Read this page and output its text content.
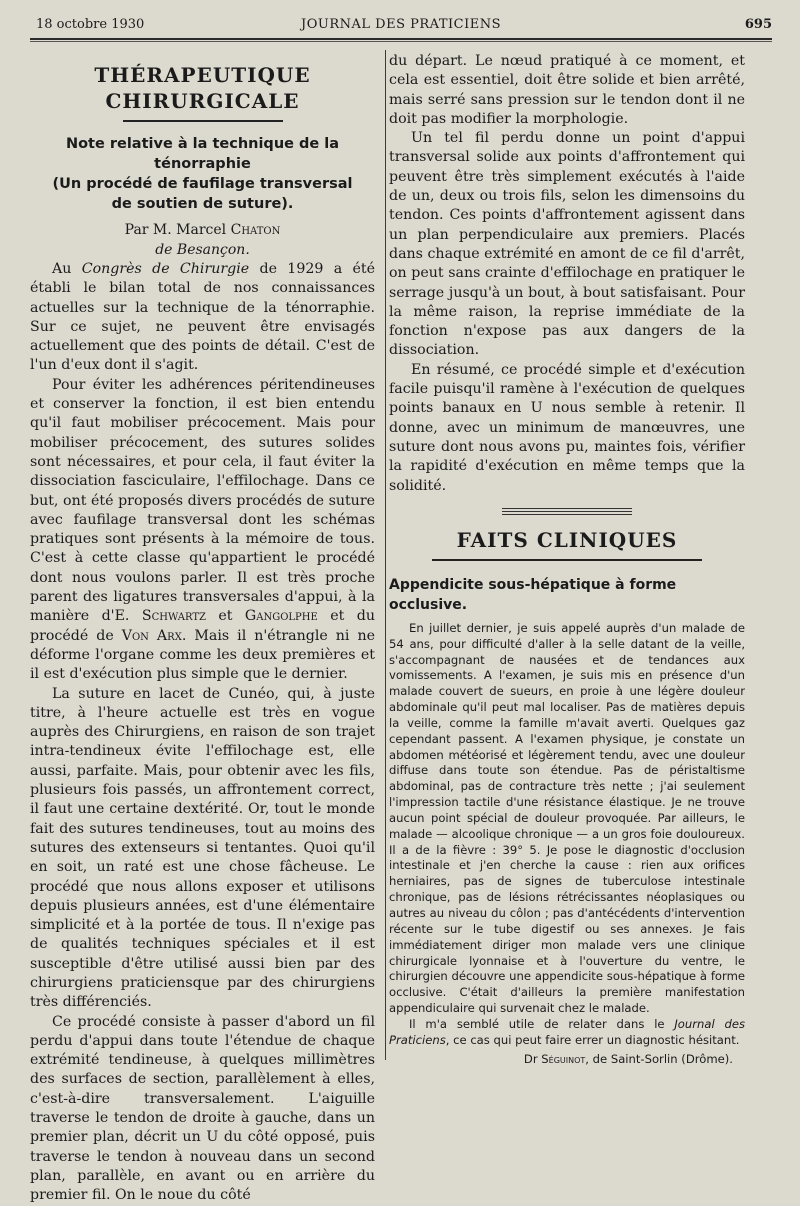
18 octobre 1930	JOURNAL DES PRATICIENS	695
THÉRAPEUTIQUE CHIRURGICALE

Note relative à la technique de la ténorraphie
(Un procédé de faufilage transversal
de soutien de suture).

Par M. Marcel Chaton
de Besançon.

Au Congrès de Chirurgie de 1929 a été établi le bilan total de nos connaissances actuelles sur la technique de la ténorraphie. Sur ce sujet, ne peuvent être envisagés actuellement que des points de détail. C'est de l'un d'eux dont il s'agit.

Pour éviter les adhérences péritendineuses et conserver la fonction, il est bien entendu qu'il faut mobiliser précocement. Mais pour mobiliser précocement, des sutures solides sont nécessaires, et pour cela, il faut éviter la dissociation fasciculaire, l'effilochage. Dans ce but, ont été proposés divers procédés de suture avec faufilage transversal dont les schémas pratiques sont présents à la mémoire de tous. C'est à cette classe qu'appartient le procédé dont nous voulons parler. Il est très proche parent des ligatures transversales d'appui, à la manière d'E. Schwartz et Gangolphe et du procédé de Von Arx. Mais il n'étrangle ni ne déforme l'organe comme les deux premières et il est d'exécution plus simple que le dernier.

La suture en lacet de Cunéo, qui, à juste titre, à l'heure actuelle est très en vogue auprès des Chirurgiens, en raison de son trajet intra-tendineux évite l'effilochage est, elle aussi, parfaite. Mais, pour obtenir avec les fils, plusieurs fois passés, un affrontement correct, il faut une certaine dextérité. Or, tout le monde fait des sutures tendineuses, tout au moins des sutures des extenseurs si tentantes. Quoi qu'il en soit, un raté est une chose fâcheuse. Le procédé que nous allons exposer et utilisons depuis plusieurs années, est d'une élémentaire simplicité et à la portée de tous. Il n'exige pas de qualités techniques spéciales et il est susceptible d'être utilisé aussi bien par des chirurgiens praticiensque par des chirurgiens très différenciés.

Ce procédé consiste à passer d'abord un fil perdu d'appui dans toute l'étendue de chaque extrémité tendineuse, à quelques millimètres des surfaces de section, parallèlement à elles, c'est-à-dire transversalement. L'aiguille traverse le tendon de droite à gauche, dans un premier plan, décrit un U du côté opposé, puis traverse le tendon à nouveau dans un second plan, parallèle, en avant ou en arrière du premier fil. On le noue du côté

du départ. Le nœud pratiqué à ce moment, et cela est essentiel, doit être solide et bien arrêté, mais serré sans pression sur le tendon dont il ne doit pas modifier la morphologie.

Un tel fil perdu donne un point d'appui transversal solide aux points d'affrontement qui peuvent être très simplement exécutés à l'aide de un, deux ou trois fils, selon les dimensoins du tendon. Ces points d'affrontement agissent dans un plan perpendiculaire aux premiers. Placés dans chaque extrémité en amont de ce fil d'arrêt, on peut sans crainte d'effilochage en pratiquer le serrage jusqu'à un bout, à bout satisfaisant. Pour la même raison, la reprise immédiate de la fonction n'expose pas aux dangers de la dissociation.

En résumé, ce procédé simple et d'exécution facile puisqu'il ramène à l'exécution de quelques points banaux en U nous semble à retenir. Il donne, avec un minimum de manœuvres, une suture dont nous avons pu, maintes fois, vérifier la rapidité d'exécution en même temps que la solidité.

FAITS CLINIQUES
Appendicite sous-hépatique à forme occlusive.

En juillet dernier, je suis appelé auprès d'un malade de 54 ans, pour difficulté d'aller à la selle datant de la veille, s'accompagnant de nausées et de tendances aux vomissements. A l'examen, je suis mis en présence d'un malade couvert de sueurs, en proie à une légère douleur abdominale qu'il peut mal localiser. Pas de matières depuis la veille, comme la famille m'avait averti. Quelques gaz cependant passent. A l'examen physique, je constate un abdomen météorisé et légèrement tendu, avec une douleur diffuse dans toute son étendue. Pas de péristaltisme abdominal, pas de contracture très nette ; j'ai seulement l'impression tactile d'une résistance élastique. Je ne trouve aucun point spécial de douleur provoquée. Par ailleurs, le malade — alcoolique chronique — a un gros foie douloureux. Il a de la fièvre : 39° 5. Je pose le diagnostic d'occlusion intestinale et j'en cherche la cause : rien aux orifices herniaires, pas de signes de tuberculose intestinale chronique, pas de lésions rétrécissantes néoplasiques ou autres au niveau du côlon ; pas d'antécédents d'intervention récente sur le tube digestif ou ses annexes. Je fais immédiatement diriger mon malade vers une clinique chirurgicale lyonnaise et à l'ouverture du ventre, le chirurgien découvre une appendicite sous-hépatique à forme occlusive. C'était d'ailleurs la première manifestation appendiculaire qui survenait chez le malade.

Il m'a semblé utile de relater dans le Journal des Praticiens, ce cas qui peut faire errer un diagnostic hésitant.

Dr Séguinot, de Saint-Sorlin (Drôme).
